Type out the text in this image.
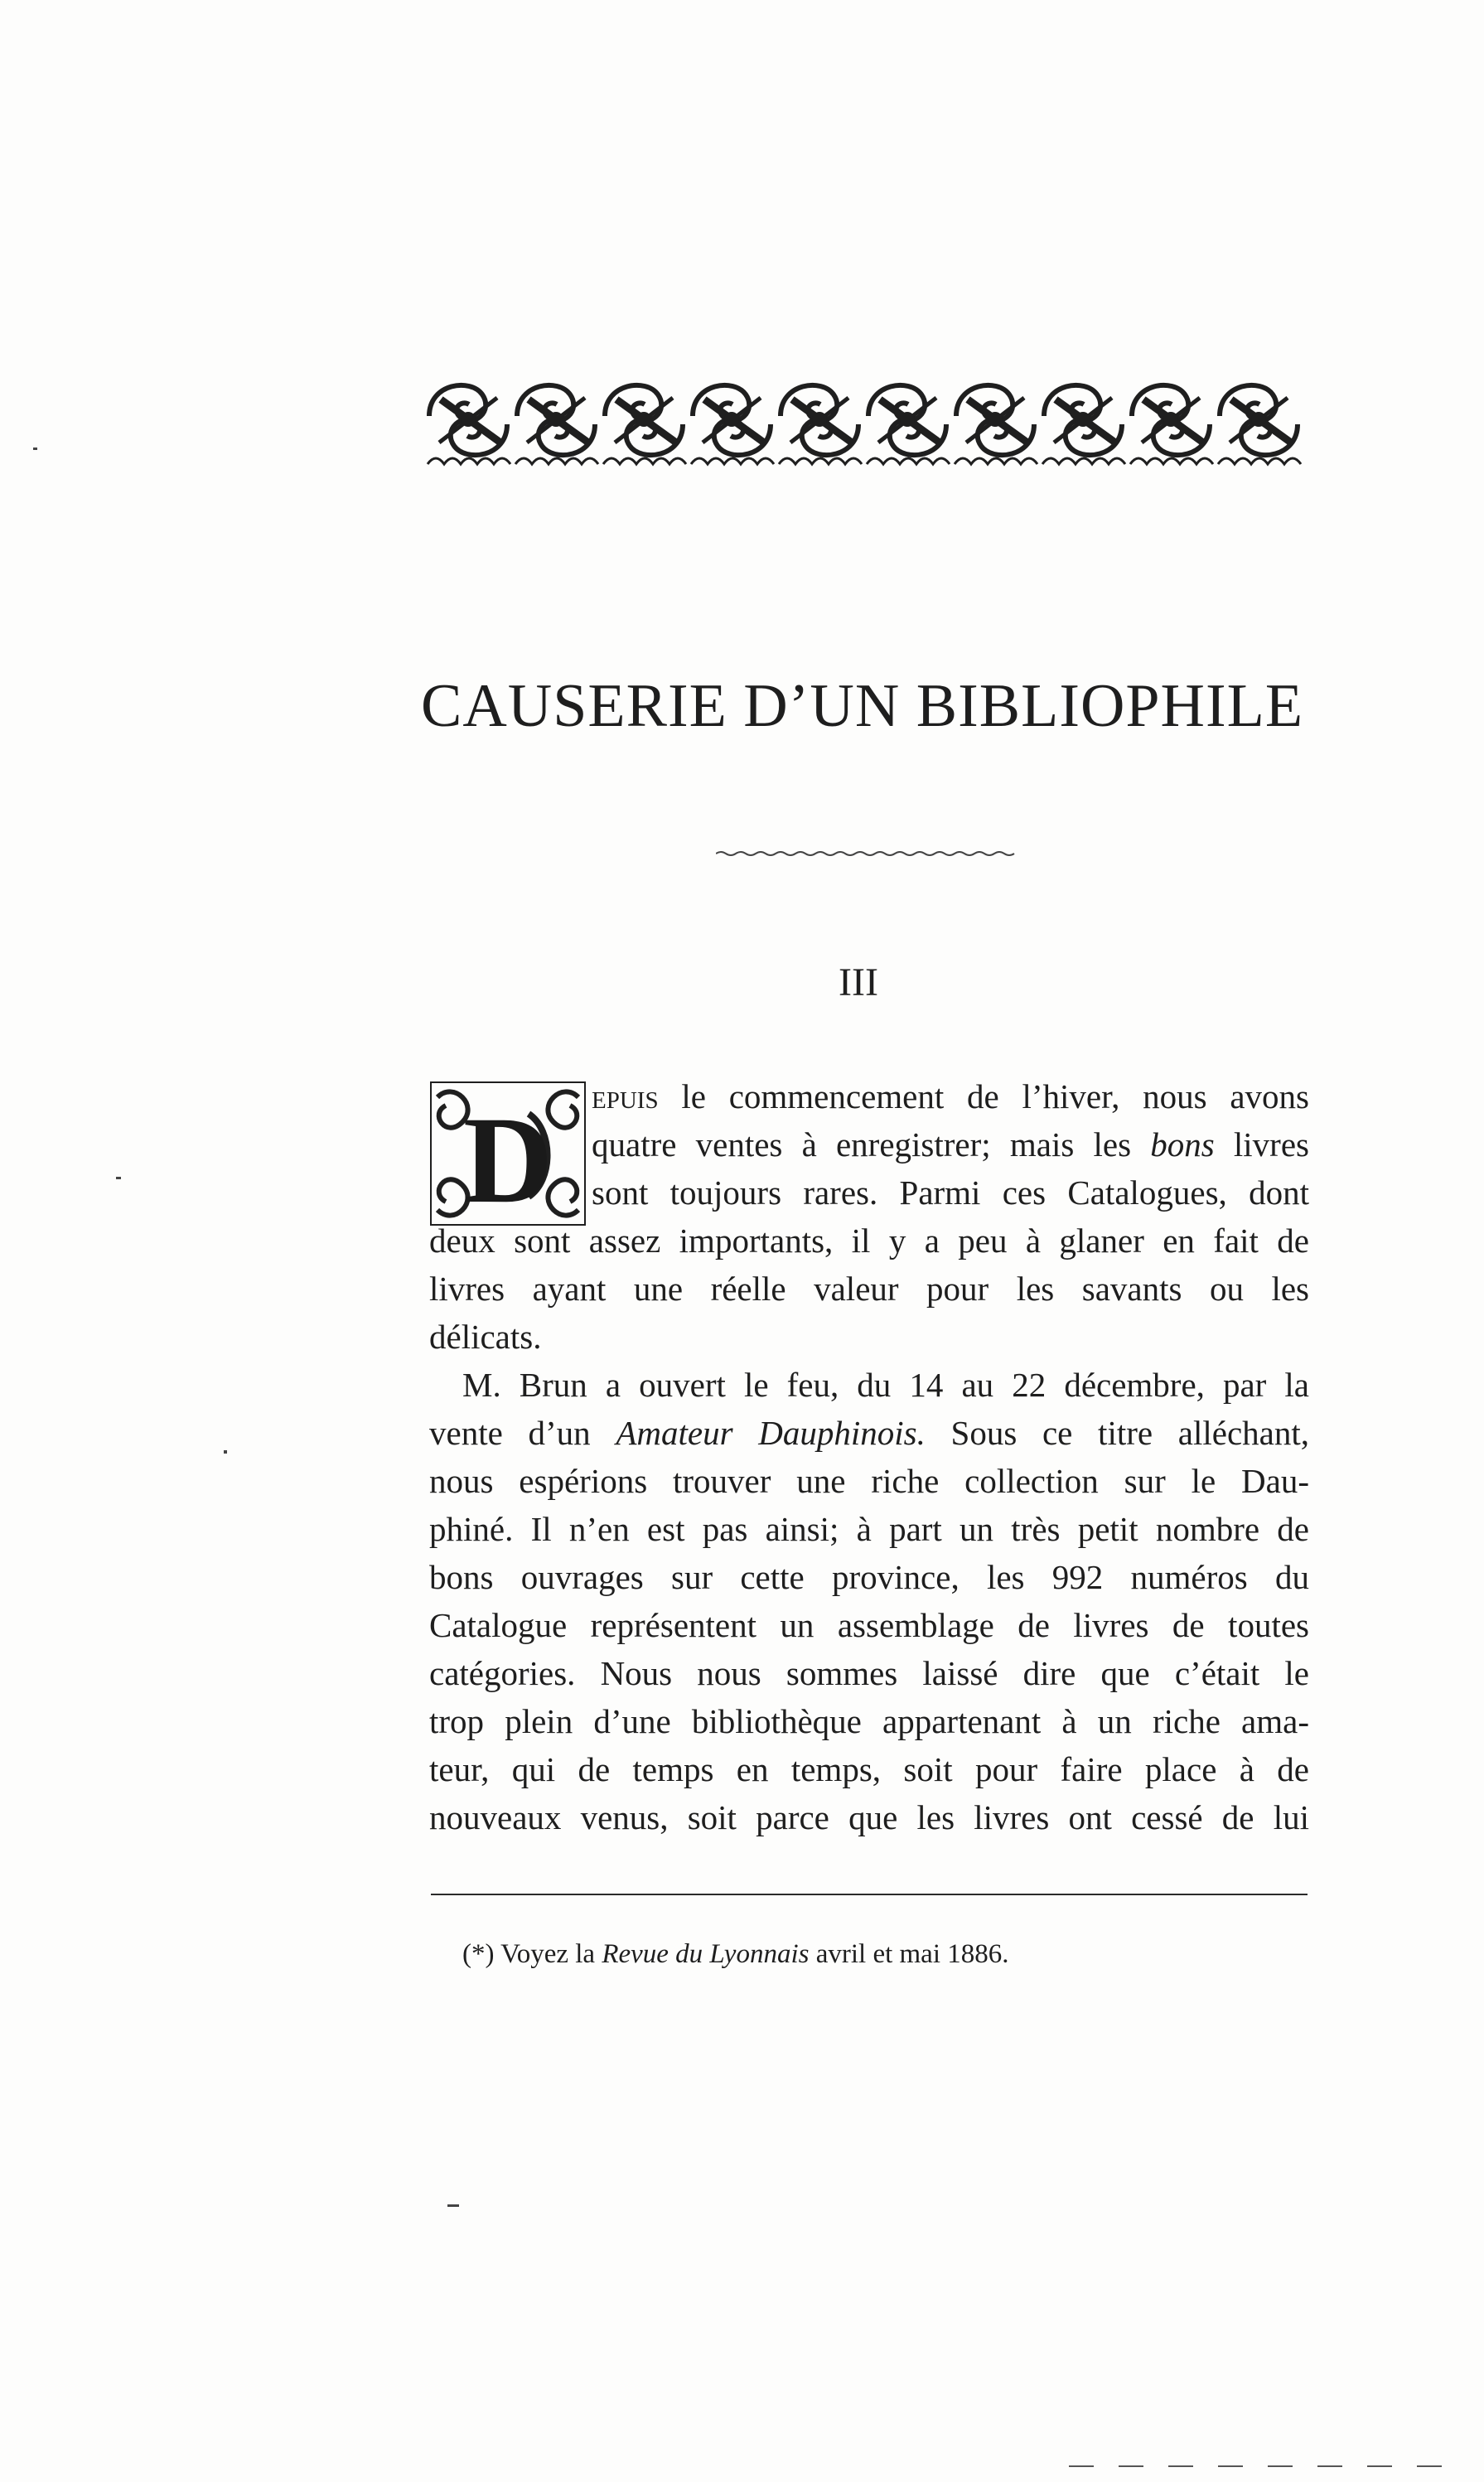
CAUSERIE D’UN BIBLIOPHILE

III

D epuis le commencement de l’hiver, nous avons
quatre ventes à enregistrer; mais les bons livres
sont toujours rares. Parmi ces Catalogues, dont
deux sont assez importants, il y a peu à glaner en fait de
livres ayant une réelle valeur pour les savants ou les
délicats.
M. Brun a ouvert le feu, du 14 au 22 décembre, par la
vente d’un Amateur Dauphinois. Sous ce titre alléchant,
nous espérions trouver une riche collection sur le Dau-
phiné. Il n’en est pas ainsi; à part un très petit nombre de
bons ouvrages sur cette province, les 992 numéros du
Catalogue représentent un assemblage de livres de toutes
catégories. Nous nous sommes laissé dire que c’était le
trop plein d’une bibliothèque appartenant à un riche ama-
teur, qui de temps en temps, soit pour faire place à de
nouveaux venus, soit parce que les livres ont cessé de lui
(*) Voyez la Revue du Lyonnais avril et mai 1886.
